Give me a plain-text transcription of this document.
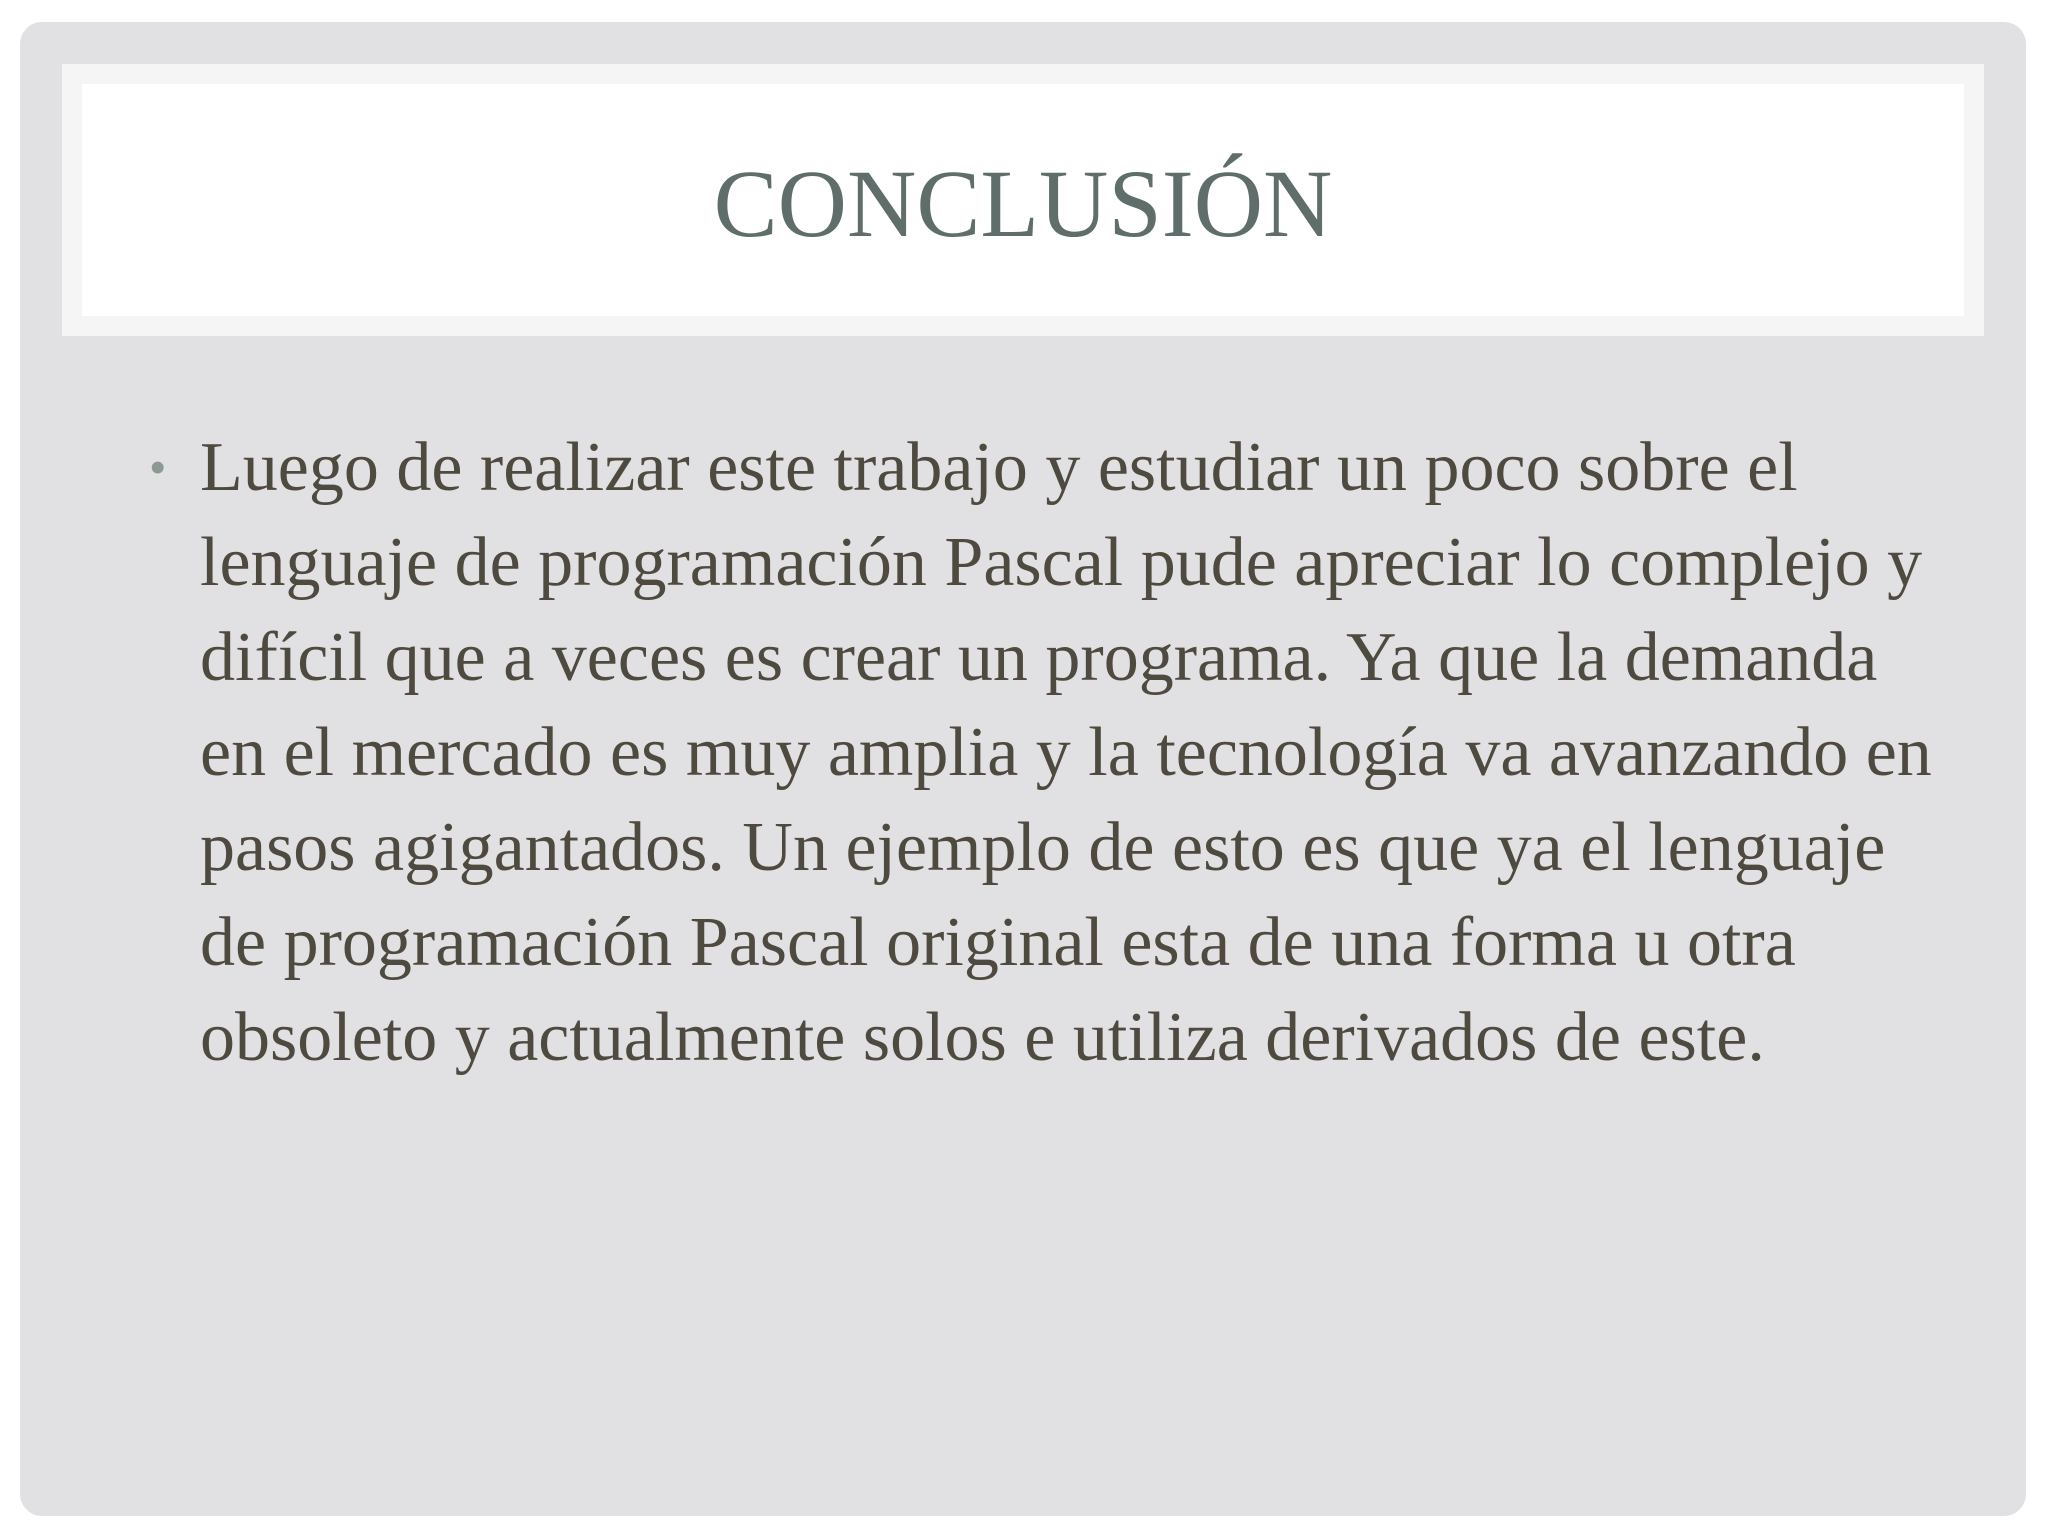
CONCLUSIÓN
• Luego de realizar este trabajo y estudiar un poco sobre el lenguaje de programación Pascal pude apreciar lo complejo y difícil que a veces es crear un programa. Ya que la demanda en el mercado es muy amplia y la tecnología va avanzando en pasos agigantados. Un ejemplo de esto es que ya el lenguaje de programación Pascal original esta de una forma u otra obsoleto y actualmente solos e utiliza derivados de este.
